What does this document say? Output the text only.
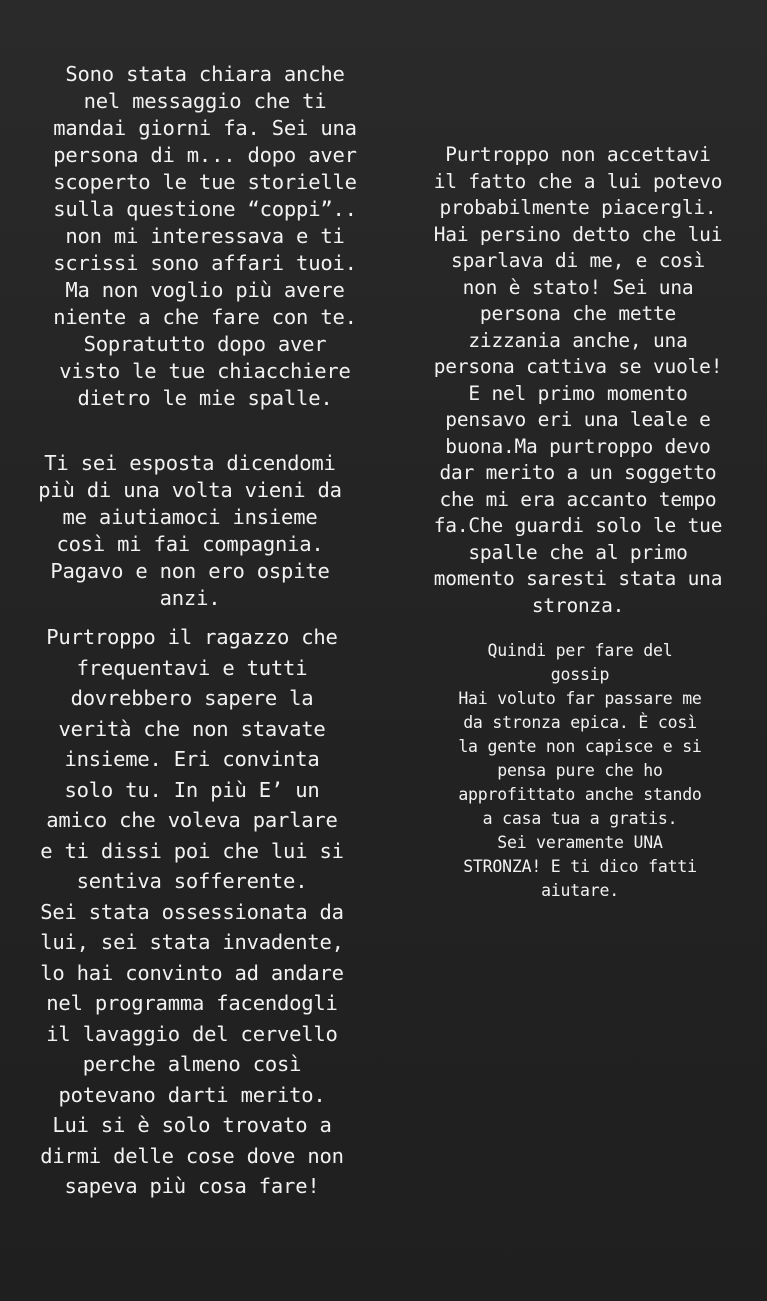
Sono stata chiara anche
nel messaggio che ti
mandai giorni fa. Sei una
persona di m... dopo aver
scoperto le tue storielle
sulla questione “coppi”..
non mi interessava e ti
scrissi sono affari tuoi.
Ma non voglio più avere
niente a che fare con te.
Sopratutto dopo aver
visto le tue chiacchiere
dietro le mie spalle.

Ti sei esposta dicendomi
più di una volta vieni da
me aiutiamoci insieme
così mi fai compagnia.
Pagavo e non ero ospite
anzi.

Purtroppo il ragazzo che
frequentavi e tutti
dovrebbero sapere la
verità che non stavate
insieme. Eri convinta
solo tu. In più E’ un
amico che voleva parlare
e ti dissi poi che lui si
sentiva sofferente.
Sei stata ossessionata da
lui, sei stata invadente,
lo hai convinto ad andare
nel programma facendogli
il lavaggio del cervello
perche almeno così
potevano darti merito.
Lui si è solo trovato a
dirmi delle cose dove non
sapeva più cosa fare!

Purtroppo non accettavi
il fatto che a lui potevo
probabilmente piacergli.
Hai persino detto che lui
sparlava di me, e così
non è stato! Sei una
persona che mette
zizzania anche, una
persona cattiva se vuole!
E nel primo momento
pensavo eri una leale e
buona.Ma purtroppo devo
dar merito a un soggetto
che mi era accanto tempo
fa.Che guardi solo le tue
spalle che al primo
momento saresti stata una
stronza.

Quindi per fare del
gossip
Hai voluto far passare me
da stronza epica. È così
la gente non capisce e si
pensa pure che ho
approfittato anche stando
a casa tua a gratis.
Sei veramente UNA
STRONZA! E ti dico fatti
aiutare.
